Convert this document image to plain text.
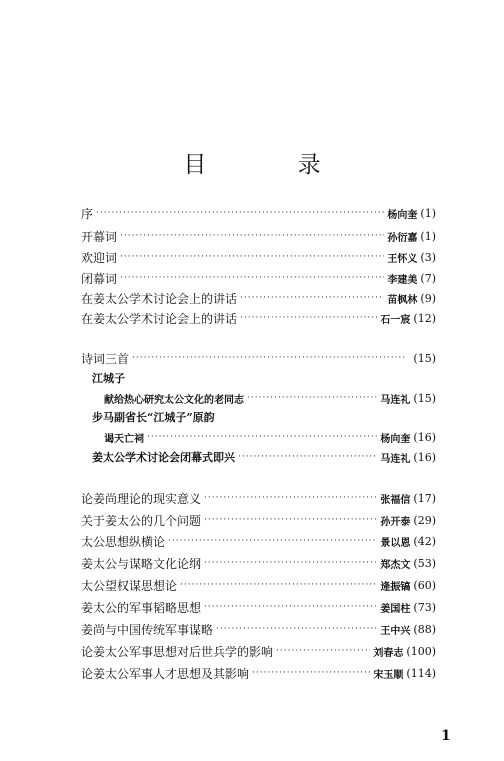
目 录
序 ·····	杨向奎 (1)
开幕词 ·····	孙衍嘉 (1)
欢迎词 ·····	王怀义 (3)
闭幕词 ·····	李建美 (7)
在姜太公学术讨论会上的讲话 ·····	苗枫林 (9)
在姜太公学术讨论会上的讲话 ·····	石一宸 (12)
诗词三首 ·····	(15)
江城子
献给热心研究太公文化的老同志 ·····	马连礼 (15)
步马副省长“江城子”原韵
谒天亡祠 ·····	杨向奎 (16)
姜太公学术讨论会闭幕式即兴 ·····	马连礼 (16)
论姜尚理论的现实意义 ·····	张福信 (17)
关于姜太公的几个问题 ·····	孙开泰 (29)
太公思想纵横论 ·····	景以恩 (42)
姜太公与谋略文化论纲 ·····	郑杰文 (53)
太公望权谋思想论 ·····	逄振镐 (60)
姜太公的军事韬略思想 ·····	姜国柱 (73)
姜尚与中国传统军事谋略 ·····	王中兴 (88)
论姜太公军事思想对后世兵学的影响 ·····	刘春志 (100)
论姜太公军事人才思想及其影响 ·····	宋玉顺 (114)
1
